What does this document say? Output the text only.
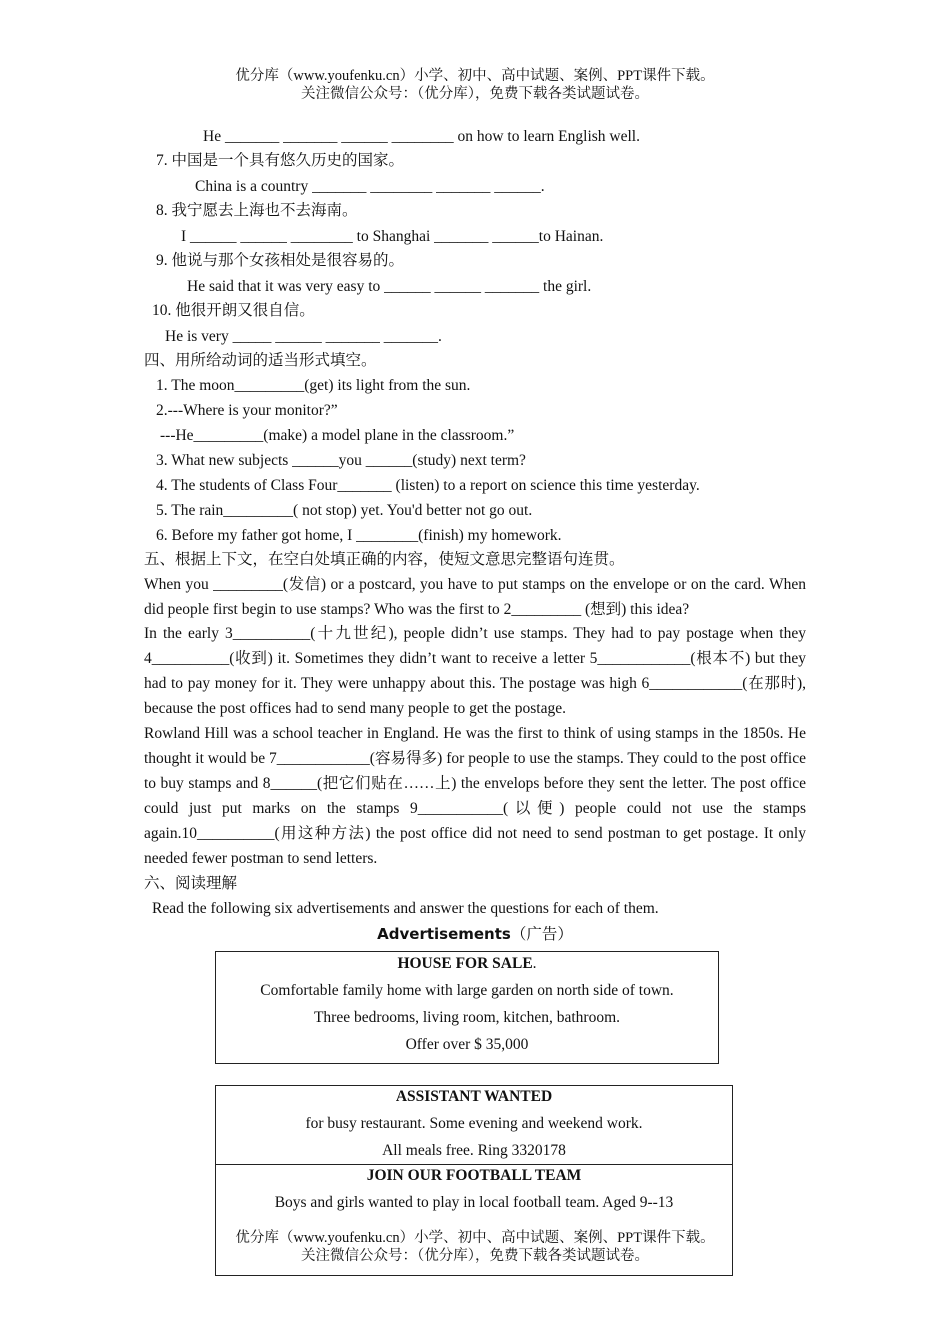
优分库（www.youfenku.cn）小学、初中、高中试题、案例、PPT课件下载。
关注微信公众号：（优分库），免费下载各类试题试卷。
He _______ _______ ______ ________ on how to learn English well.
7. 中国是一个具有悠久历史的国家。
China is a country _______ ________ _______ ______.
8. 我宁愿去上海也不去海南。
I ______ ______ ________ to Shanghai _______ ______to Hainan.
9. 他说与那个女孩相处是很容易的。
He said that it was very easy to ______ ______ _______ the girl.
10. 他很开朗又很自信。
He is very _____ ______ _______ _______.
四、用所给动词的适当形式填空。
1. The moon_________(get) its light from the sun.
2.---Where is your monitor?”
---He_________(make) a model plane in the classroom.”
3. What new subjects ______you ______(study) next term?
4. The students of Class Four_______ (listen) to a report on science this time yesterday.
5. The rain_________( not stop) yet. You'd better not go out.
6. Before my father got home, I ________(finish) my homework.
五、根据上下文，在空白处填正确的内容，使短文意思完整语句连贯。
When you _________(发信) or a postcard, you have to put stamps on the envelope or on the card. When did people first begin to use stamps? Who was the first to 2_________ (想到) this idea?
In the early 3__________(十九世纪), people didn’t use stamps. They had to pay postage when they 4__________(收到) it. Sometimes they didn’t want to receive a letter 5____________(根本不) but they had to pay money for it. They were unhappy about this. The postage was high 6____________(在那时), because the post offices had to send many people to get the postage.
Rowland Hill was a school teacher in England. He was the first to think of using stamps in the 1850s. He thought it would be 7____________(容易得多) for people to use the stamps. They could to the post office to buy stamps and 8______(把它们贴在……上) the envelops before they sent the letter. The post office could just put marks on the stamps 9___________(以便) people could not use the stamps again.10__________(用这种方法) the post office did not need to send postman to get postage. It only needed fewer postman to send letters.
六、阅读理解
Read the following six advertisements and answer the questions for each of them.
Advertisements（广告）
HOUSE FOR SALE.
Comfortable family home with large garden on north side of town.
Three bedrooms, living room, kitchen, bathroom.
Offer over $ 35,000
ASSISTANT WANTED
for busy restaurant. Some evening and weekend work.
All meals free. Ring 3320178
JOIN OUR FOOTBALL TEAM
Boys and girls wanted to play in local football team. Aged 9--13
优分库（www.youfenku.cn）小学、初中、高中试题、案例、PPT课件下载。
关注微信公众号：（优分库），免费下载各类试题试卷。
